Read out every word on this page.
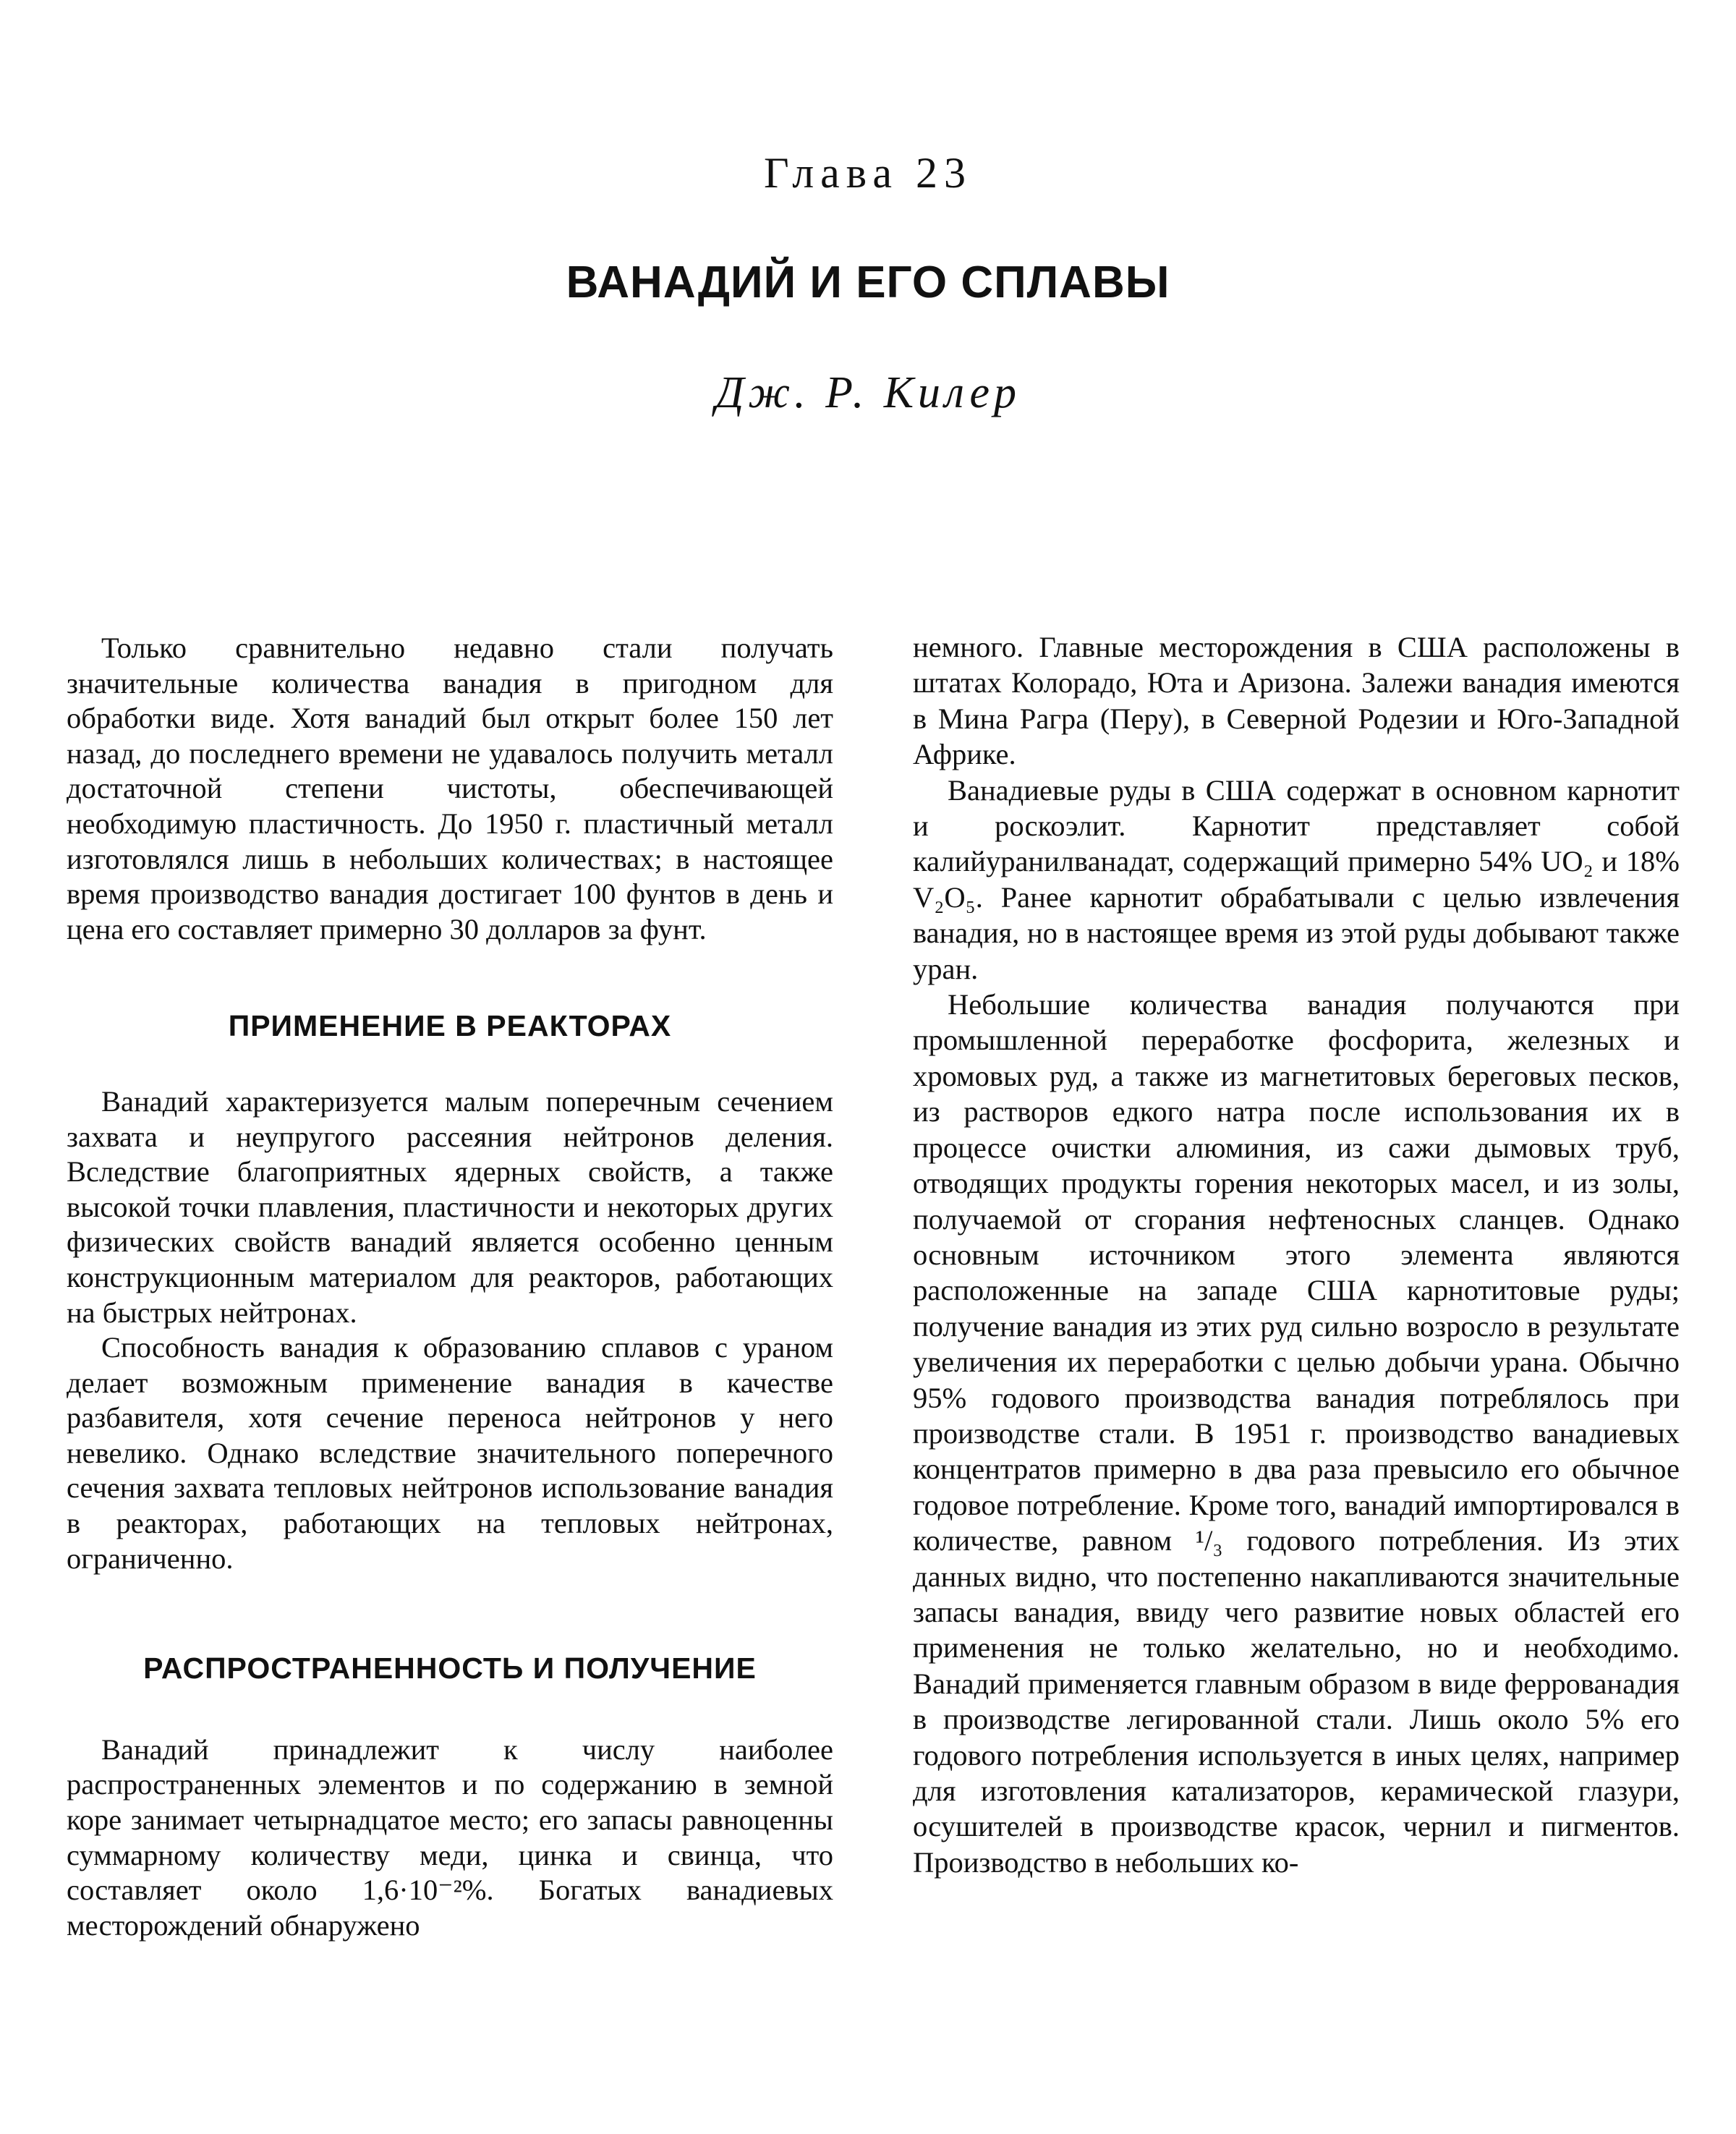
Глава 23
ВАНАДИЙ И ЕГО СПЛАВЫ
Дж. Р. Килер

Только сравнительно недавно стали получать значительные количества ванадия в пригодном для обработки виде. Хотя ванадий был открыт более 150 лет назад, до последнего времени не удавалось получить металл достаточной степени чистоты, обеспечивающей необходимую пластичность. До 1950 г. пластичный металл изготовлялся лишь в небольших количествах; в настоящее время производство ванадия достигает 100 фунтов в день и цена его составляет примерно 30 долларов за фунт.

ПРИМЕНЕНИЕ В РЕАКТОРАХ

Ванадий характеризуется малым поперечным сечением захвата и неупругого рассеяния нейтронов деления. Вследствие благоприятных ядерных свойств, а также высокой точки плавления, пластичности и некоторых других физических свойств ванадий является особенно ценным конструкционным материалом для реакторов, работающих на быстрых нейтронах.

Способность ванадия к образованию сплавов с ураном делает возможным применение ванадия в качестве разбавителя, хотя сечение переноса нейтронов у него невелико. Однако вследствие значительного поперечного сечения захвата тепловых нейтронов использование ванадия в реакторах, работающих на тепловых нейтронах, ограниченно.

РАСПРОСТРАНЕННОСТЬ И ПОЛУЧЕНИЕ

Ванадий принадлежит к числу наиболее распространенных элементов и по содержанию в земной коре занимает четырнадцатое место; его запасы равноценны суммарному количеству меди, цинка и свинца, что составляет около 1,6·10⁻²%. Богатых ванадиевых месторождений обнаружено

немного. Главные месторождения в США расположены в штатах Колорадо, Юта и Аризона. Залежи ванадия имеются в Мина Рагра (Перу), в Северной Родезии и Юго-Западной Африке.

Ванадиевые руды в США содержат в основном карнотит и роскоэлит. Карнотит представляет собой калийуранилванадат, содержащий примерно 54% UO₂ и 18% V₂O₅. Ранее карнотит обрабатывали с целью извлечения ванадия, но в настоящее время из этой руды добывают также уран.

Небольшие количества ванадия получаются при промышленной переработке фосфорита, железных и хромовых руд, а также из магнетитовых береговых песков, из растворов едкого натра после использования их в процессе очистки алюминия, из сажи дымовых труб, отводящих продукты горения некоторых масел, и из золы, получаемой от сгорания нефтеносных сланцев. Однако основным источником этого элемента являются расположенные на западе США карнотитовые руды; получение ванадия из этих руд сильно возросло в результате увеличения их переработки с целью добычи урана. Обычно 95% годового производства ванадия потреблялось при производстве стали. В 1951 г. производство ванадиевых концентратов примерно в два раза превысило его обычное годовое потребление. Кроме того, ванадий импортировался в количестве, равном ¹/₃ годового потребления. Из этих данных видно, что постепенно накапливаются значительные запасы ванадия, ввиду чего развитие новых областей его применения не только желательно, но и необходимо. Ванадий применяется главным образом в виде феррованадия в производстве легированной стали. Лишь около 5% его годового потребления используется в иных целях, например для изготовления катализаторов, керамической глазури, осушителей в производстве красок, чернил и пигментов. Производство в небольших ко-
